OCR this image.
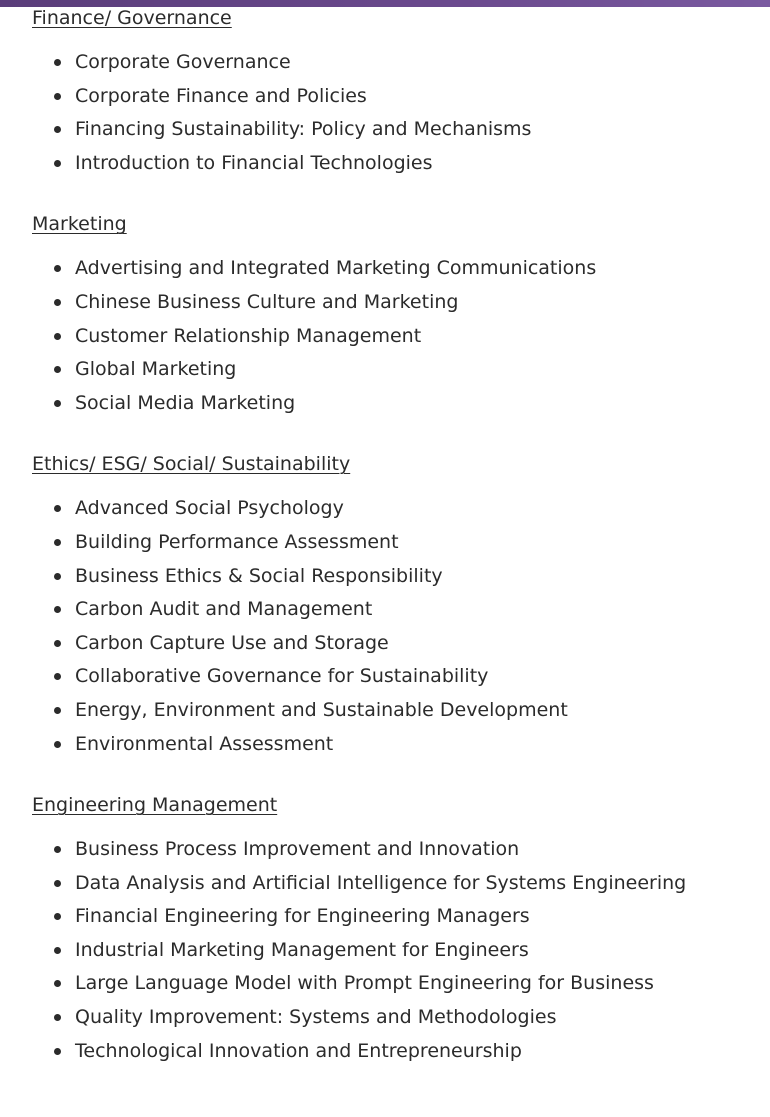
Finance/ Governance
Corporate Governance
Corporate Finance and Policies
Financing Sustainability: Policy and Mechanisms
Introduction to Financial Technologies
Marketing
Advertising and Integrated Marketing Communications
Chinese Business Culture and Marketing
Customer Relationship Management
Global Marketing
Social Media Marketing
Ethics/ ESG/ Social/ Sustainability
Advanced Social Psychology
Building Performance Assessment
Business Ethics & Social Responsibility
Carbon Audit and Management
Carbon Capture Use and Storage
Collaborative Governance for Sustainability
Energy, Environment and Sustainable Development
Environmental Assessment
Engineering Management
Business Process Improvement and Innovation
Data Analysis and Artificial Intelligence for Systems Engineering
Financial Engineering for Engineering Managers
Industrial Marketing Management for Engineers
Large Language Model with Prompt Engineering for Business
Quality Improvement: Systems and Methodologies
Technological Innovation and Entrepreneurship
